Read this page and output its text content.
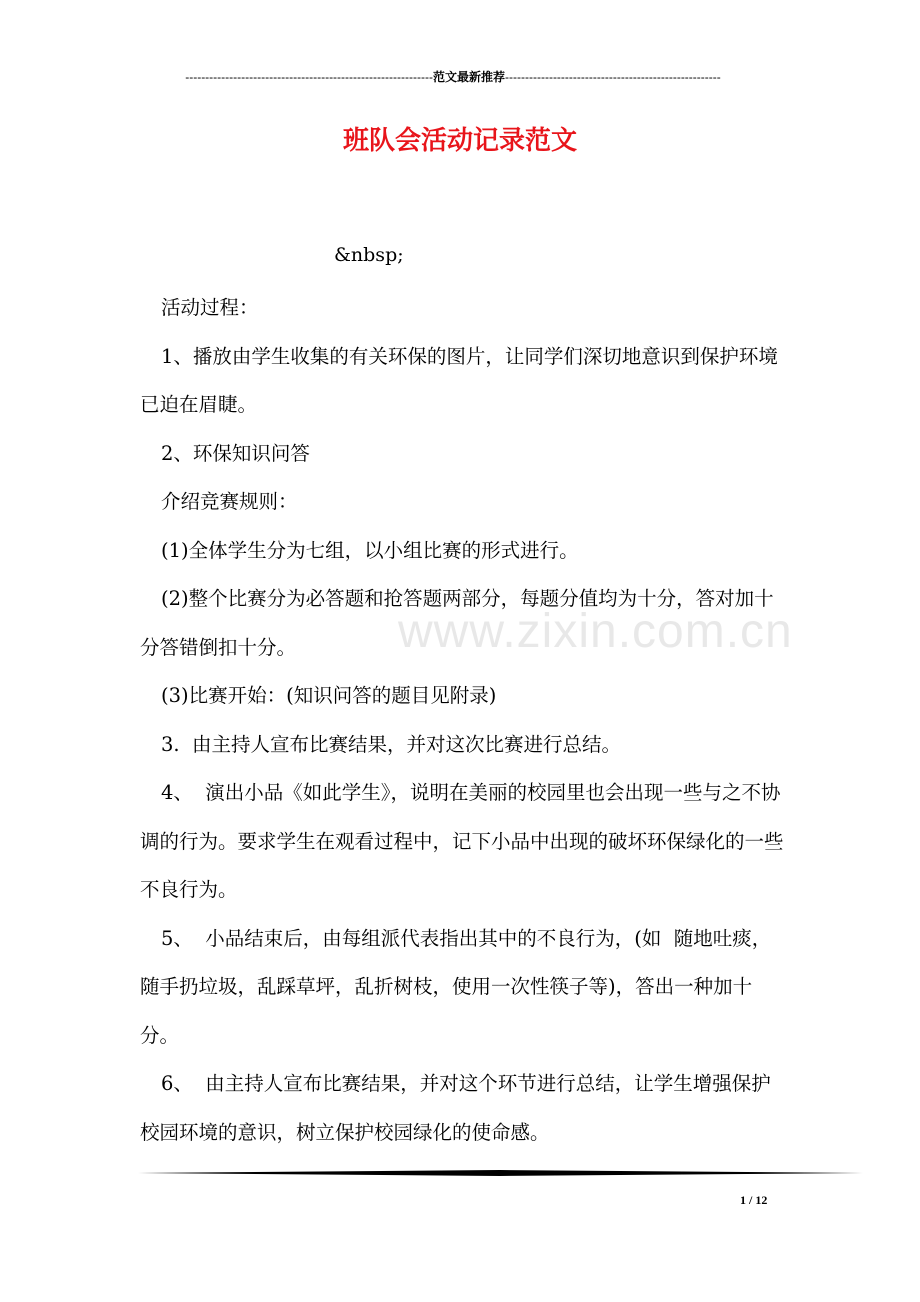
--------------------------------------------------------------范文最新推荐------------------------------------------------------
班队会活动记录范文
&nbsp;

活动过程：

1、播放由学生收集的有关环保的图片，让同学们深切地意识到保护环境已迫在眉睫。

2、环保知识问答

介绍竞赛规则：

(1)全体学生分为七组，以小组比赛的形式进行。

(2)整个比赛分为必答题和抢答题两部分，每题分值均为十分，答对加十分答错倒扣十分。

(3)比赛开始：(知识问答的题目见附录)

3.  由主持人宣布比赛结果，并对这次比赛进行总结。

4、  演出小品《如此学生》，说明在美丽的校园里也会出现一些与之不协调的行为。要求学生在观看过程中，记下小品中出现的破坏环保绿化的一些不良行为。

5、  小品结束后，由每组派代表指出其中的不良行为，(如  随地吐痰，随手扔垃圾，乱踩草坪，乱折树枝，使用一次性筷子等)，答出一种加十分。

6、  由主持人宣布比赛结果，并对这个环节进行总结，让学生增强保护校园环境的意识，树立保护校园绿化的使命感。

www.zixin.com.cn
1 / 12
